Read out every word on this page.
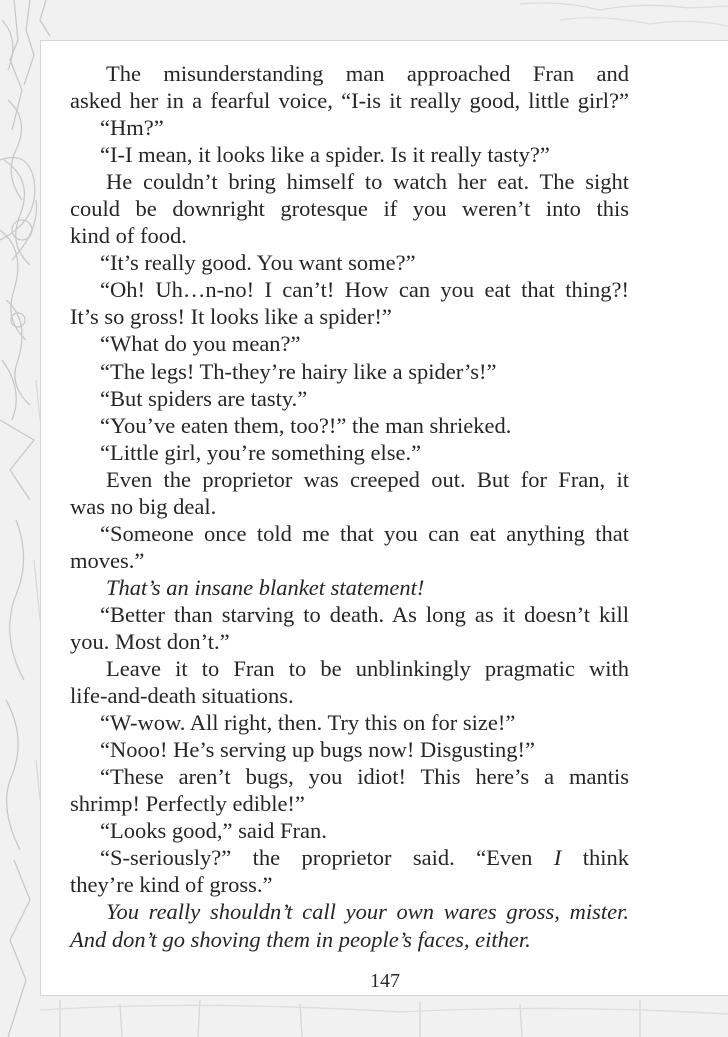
147
The misunderstanding man approached Fran and
asked her in a fearful voice, “I-is it really good, little girl?”
“Hm?”
“I-I mean, it looks like a spider. Is it really tasty?”
He couldn’t bring himself to watch her eat. The sight
could be downright grotesque if you weren’t into this
kind of food.
“It’s really good. You want some?”
“Oh! Uh…n-no! I can’t! How can you eat that thing?!
It’s so gross! It looks like a spider!”
“What do you mean?”
“The legs! Th-they’re hairy like a spider’s!”
“But spiders are tasty.”
“You’ve eaten them, too?!” the man shrieked.
“Little girl, you’re something else.”
Even the proprietor was creeped out. But for Fran, it
was no big deal.
“Someone once told me that you can eat anything that
moves.”
That’s an insane blanket statement!
“Better than starving to death. As long as it doesn’t kill
you. Most don’t.”
Leave it to Fran to be unblinkingly pragmatic with
life-and-death situations.
“W-wow. All right, then. Try this on for size!”
“Nooo! He’s serving up bugs now! Disgusting!”
“These aren’t bugs, you idiot! This here’s a mantis
shrimp! Perfectly edible!”
“Looks good,” said Fran.
“S-seriously?” the proprietor said. “Even I think
they’re kind of gross.”
You really shouldn’t call your own wares gross, mister.
And don’t go shoving them in people’s faces, either.
